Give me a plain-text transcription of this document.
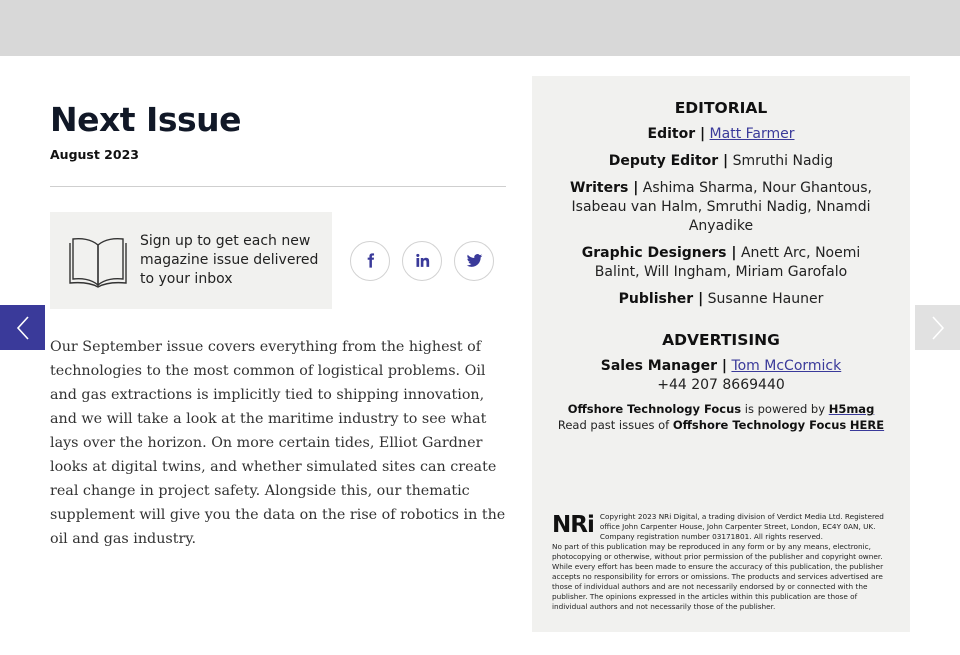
Next Issue
August 2023
Sign up to get each new magazine issue delivered to your inbox

Our September issue covers everything from the highest of technologies to the most common of logistical problems. Oil and gas extractions is implicitly tied to shipping innovation, and we will take a look at the maritime industry to see what lays over the horizon. On more certain tides, Elliot Gardner looks at digital twins, and whether simulated sites can create real change in project safety. Alongside this, our thematic supplement will give you the data on the rise of robotics in the oil and gas industry.

EDITORIAL

Editor | Matt Farmer

Deputy Editor | Smruthi Nadig

Writers | Ashima Sharma, Nour Ghantous, Isabeau van Halm, Smruthi Nadig, Nnamdi Anyadike

Graphic Designers | Anett Arc, Noemi Balint, Will Ingham, Miriam Garofalo

Publisher | Susanne Hauner

ADVERTISING

Sales Manager | Tom McCormick

+44 207 8669440

Offshore Technology Focus is powered by H5mag

Read past issues of Offshore Technology Focus HERE

NRi Copyright 2023 NRi Digital, a trading division of Verdict Media Ltd. Registered office John Carpenter House, John Carpenter Street, London, EC4Y 0AN, UK. Company registration number 03171801. All rights reserved.
No part of this publication may be reproduced in any form or by any means, electronic, photocopying or otherwise, without prior permission of the publisher and copyright owner. While every effort has been made to ensure the accuracy of this publication, the publisher accepts no responsibility for errors or omissions. The products and services advertised are those of individual authors and are not necessarily endorsed by or connected with the publisher. The opinions expressed in the articles within this publication are those of individual authors and not necessarily those of the publisher.
